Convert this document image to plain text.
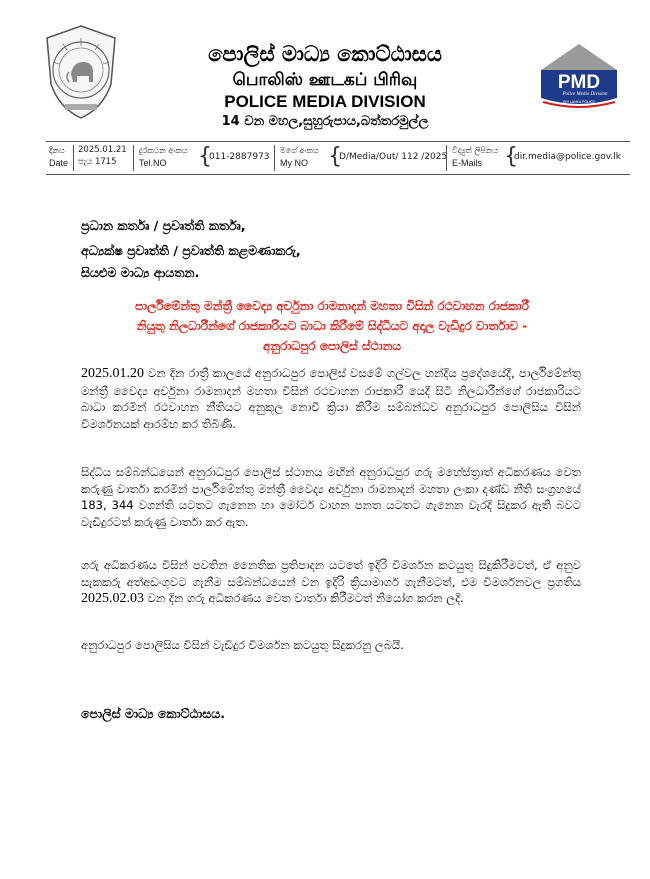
පොලිස් මාධ්‍ය කොට්ඨාසය
பொலிஸ் ஊடகப் பிரிவு
POLICE MEDIA DIVISION
14 වන මහල,සුහුරුපාය,බත්තරමුල්ල
PMD
Police Media Division
SRI LANKA POLICE
දිනය
Date
2025.01.21
පැය 1715
දුරකථන අංකය
Tel.NO	{
011-2887973
මගේ අංකය
My NO {
D/Media/Out/ 112 /2025
විද්‍යුත් ලිපිනය
E-Mails {
dir.media@police.gov.lk
ප්‍රධාන කර්තෘ / ප්‍රවෘත්ති කර්තෘ,
අධ්‍යක්ෂ ප්‍රවෘත්ති / ප්‍රවෘත්ති කළමණාකරු,
සියළුම මාධ්‍ය ආයතන.
පාර්ලිමේන්තු මන්ත්‍රී වෛද්‍ය අර්චුනා රාමනාදන් මහතා විසින් රථවාහන රාජකාරී
නියුතු නිලධාරීන්ගේ රාජකාරියට බාධා කිරීමේ සිද්ධියට අදාල වැඩිදුර වාර්තාව -
අනුරාධපුර පොලිස් ස්ථානය
2025.01.20 වන දින රාත්‍රී කාලයේ අනුරාධපුර පොලිස් වසමේ ගල්වල හන්දිය ප්‍රදේශයේදී, පාර්ලිමේන්තු මන්ත්‍රී වෛද්‍ය අර්චුනා රාමනාදන් මහතා විසින් රථවාහන රාජකාරී යෙදී සිටි නිලධාරීන්ගේ රාජකාරියට බාධා කරමින් රථවාහන නීතියට අනුකූල නොවී ක්‍රියා කිරීම සම්බන්ධව අනුරාධපුර පොලිසිය විසින් විමර්ශනයක් ආරම්භ කර තිබිණි.
සිද්ධිය සම්බන්ධයෙන් අනුරාධපුර පොලිස් ස්ථානය මඟින් අනුරාධපුර ගරු මහේස්ත්‍රාත් අධිකරණය වෙත කරුණු වාර්තා කරමින් පාර්ලිමේන්තු මන්ත්‍රී වෛද්‍ය අර්චුනා රාමනාදන් මහතා ලංකා දණ්ඩ නීති සංග්‍රහයේ 183, 344 වගන්ති යටතට ගැනෙන හා මෝටර් වාහන පනත යටතට ගැනෙන වැරදි සිදුකර ඇති බවට වැඩිදුරටත් කරුණු වාර්තා කර ඇත.
ගරු අධිකරණය විසින් පවතින නෛතික ප්‍රතිපාදන යටතේ ඉදිරි විමර්ශන කටයුතු සිදුකිරීමටත්, ඒ අනුව සැකකරු අත්අඩංගුවට ගැනීම සම්බන්ධයෙන් වන ඉදිරි ක්‍රියාමාර්ග ගැනීමටත්, එම විමර්ශනවල ප්‍රගතිය 2025.02.03 වන දින ගරු අධිකරණය වෙත වාර්තා කිරීමටත් නියෝග කරන ලදි.
අනුරාධපුර පොලිසිය විසින් වැඩිදුර විමර්ශන කටයුතු සිදුකරනු ලබයි.
පොලිස් මාධ්‍ය කොට්ඨාසය.
